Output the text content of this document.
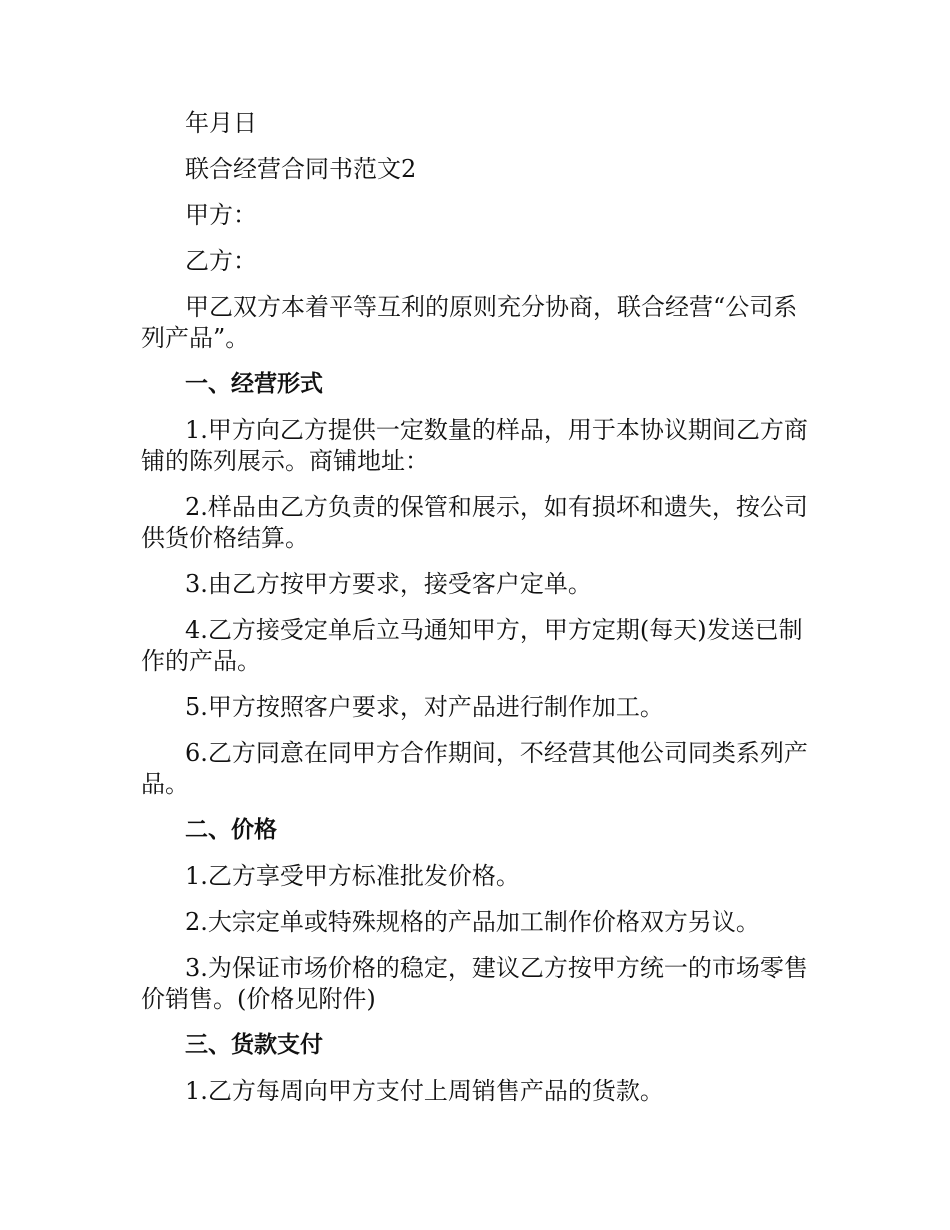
年月日

联合经营合同书范文2

甲方：

乙方：

甲乙双方本着平等互利的原则充分协商，联合经营“公司系列产品”。

一、经营形式

1.甲方向乙方提供一定数量的样品，用于本协议期间乙方商铺的陈列展示。商铺地址：

2.样品由乙方负责的保管和展示，如有损坏和遗失，按公司供货价格结算。

3.由乙方按甲方要求，接受客户定单。

4.乙方接受定单后立马通知甲方，甲方定期(每天)发送已制作的产品。

5.甲方按照客户要求，对产品进行制作加工。

6.乙方同意在同甲方合作期间，不经营其他公司同类系列产品。

二、价格

1.乙方享受甲方标准批发价格。

2.大宗定单或特殊规格的产品加工制作价格双方另议。

3.为保证市场价格的稳定，建议乙方按甲方统一的市场零售价销售。(价格见附件)

三、货款支付

1.乙方每周向甲方支付上周销售产品的货款。
